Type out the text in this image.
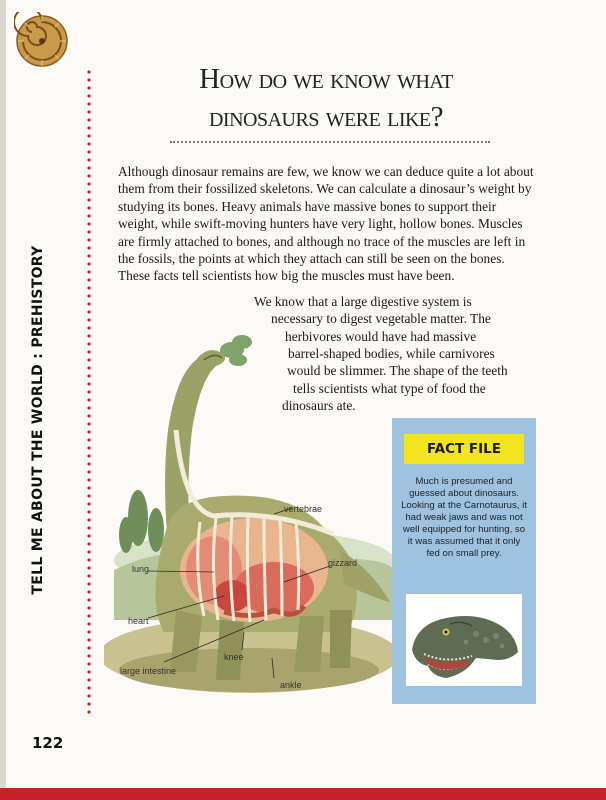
TELL ME ABOUT THE WORLD : PREHISTORY
How do we know what
dinosaurs were like?

Although dinosaur remains are few, we know we can deduce quite a lot about them from their fossilized skeletons. We can calculate a dinosaur’s weight by studying its bones. Heavy animals have massive bones to support their weight, while swift-moving hunters have very light, hollow bones. Muscles are firmly attached to bones, and although no trace of the muscles are left in the fossils, the points at which they attach can still be seen on the bones. These facts tell scientists how big the muscles must have been.

We know that a large digestive system is
necessary to digest vegetable matter. The
herbivores would have had massive
barrel-shaped bodies, while carnivores
would be slimmer. The shape of the teeth
tells scientists what type of food the
dinosaurs ate.
vertebrae
gizzard
lung
heart
knee
large intestine
ankle
FACT FILE
Much is presumed and guessed about dinosaurs. Looking at the Carnotaurus, it had weak jaws and was not well equipped for hunting, so it was assumed that it only fed on small prey.
122
